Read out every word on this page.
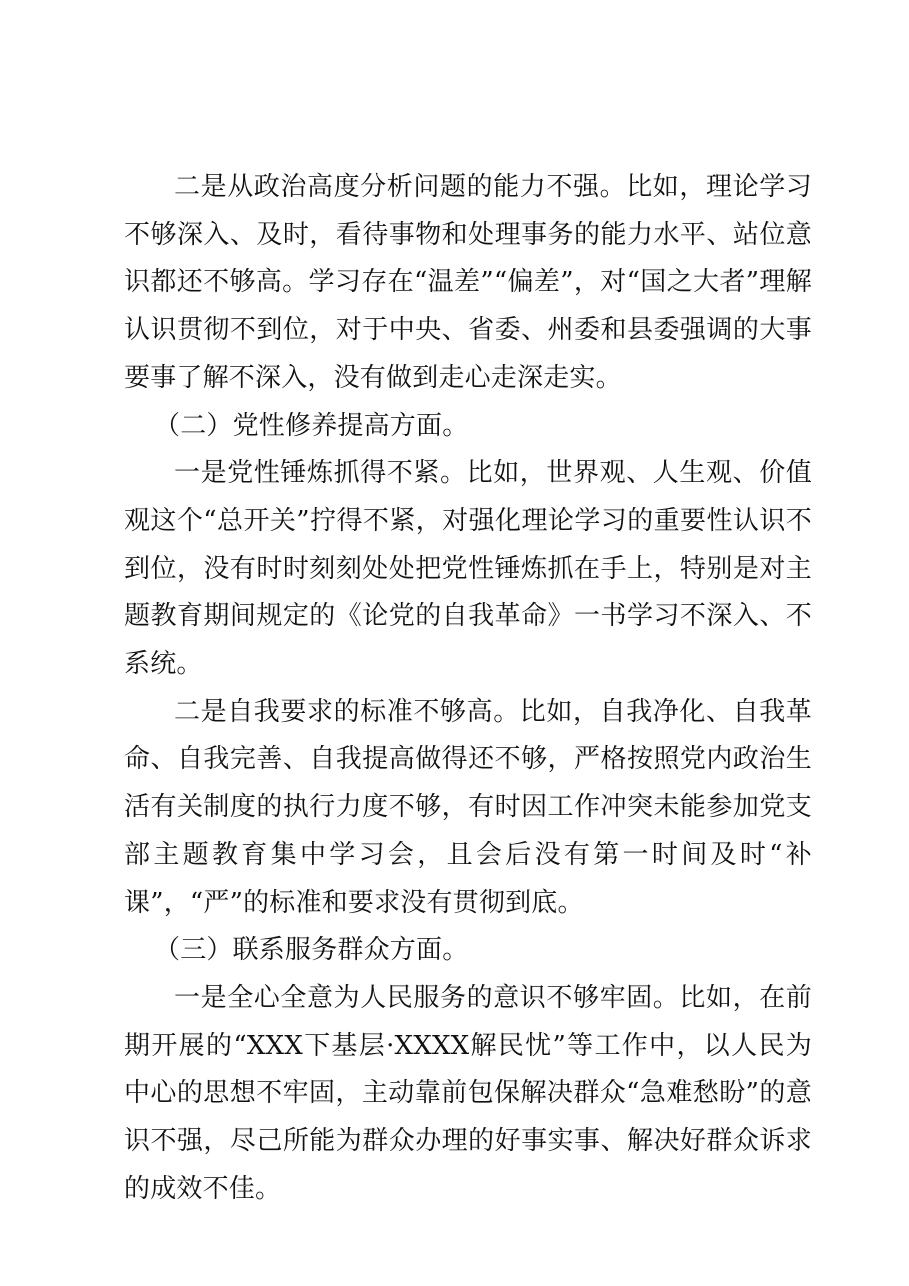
二是从政治高度分析问题的能力不强。比如，理论学习不够深入、及时，看待事物和处理事务的能力水平、站位意识都还不够高。学习存在“温差”“偏差”，对“国之大者”理解认识贯彻不到位，对于中央、省委、州委和县委强调的大事要事了解不深入，没有做到走心走深走实。

（二）党性修养提高方面。

一是党性锤炼抓得不紧。比如，世界观、人生观、价值观这个“总开关”拧得不紧，对强化理论学习的重要性认识不到位，没有时时刻刻处处把党性锤炼抓在手上，特别是对主题教育期间规定的《论党的自我革命》一书学习不深入、不系统。

二是自我要求的标准不够高。比如，自我净化、自我革命、自我完善、自我提高做得还不够，严格按照党内政治生活有关制度的执行力度不够，有时因工作冲突未能参加党支部主题教育集中学习会，且会后没有第一时间及时“补课”，“严”的标准和要求没有贯彻到底。

（三）联系服务群众方面。

一是全心全意为人民服务的意识不够牢固。比如，在前期开展的“XXX下基层·XXXX解民忧”等工作中，以人民为中心的思想不牢固，主动靠前包保解决群众“急难愁盼”的意识不强，尽己所能为群众办理的好事实事、解决好群众诉求的成效不佳。
